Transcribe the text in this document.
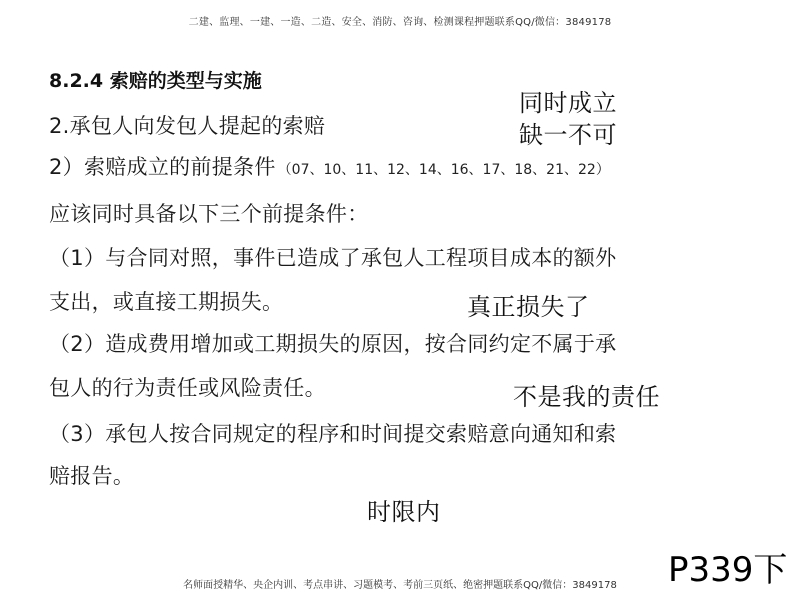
二建、监理、一建、一造、二造、安全、消防、咨询、检测课程押题联系QQ/微信：3849178
8.2.4 索赔的类型与实施
2.承包人向发包人提起的索赔
2）索赔成立的前提条件 （07、10、11、12、14、16、17、18、21、22）
应该同时具备以下三个前提条件：
（1）与合同对照，事件已造成了承包人工程项目成本的额外
支出，或直接工期损失。
（2）造成费用增加或工期损失的原因，按合同约定不属于承
包人的行为责任或风险责任。
（3）承包人按合同规定的程序和时间提交索赔意向通知和索
赔报告。
同时成立
缺一不可
真正损失了
不是我的责任
时限内
P339下
名师面授精华、央企内训、考点串讲、习题模考、考前三页纸、绝密押题联系QQ/微信：3849178
